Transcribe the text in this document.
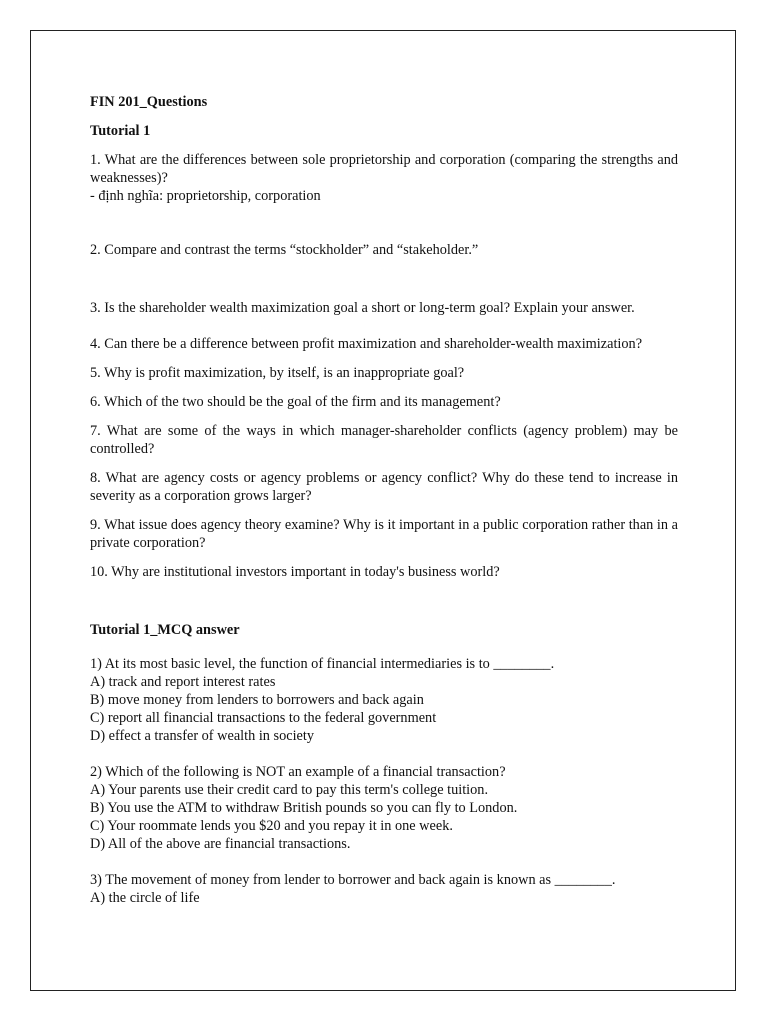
FIN 201_Questions

Tutorial 1

1. What are the differences between sole proprietorship and corporation (comparing the strengths and weaknesses)?

- định nghĩa: proprietorship, corporation

2. Compare and contrast the terms “stockholder” and “stakeholder.”

3. Is the shareholder wealth maximization goal a short or long-term goal? Explain your answer.

4. Can there be a difference between profit maximization and shareholder-wealth maximization?

5. Why is profit maximization, by itself, is an inappropriate goal?

6. Which of the two should be the goal of the firm and its management?

7. What are some of the ways in which manager-shareholder conflicts (agency problem) may be controlled?

8. What are agency costs or agency problems or agency conflict? Why do these tend to increase in severity as a corporation grows larger?

9. What issue does agency theory examine? Why is it important in a public corporation rather than in a private corporation?

10. Why are institutional investors important in today's business world?

Tutorial 1_MCQ answer

1) At its most basic level, the function of financial intermediaries is to ________.

A) track and report interest rates

B) move money from lenders to borrowers and back again

C) report all financial transactions to the federal government

D) effect a transfer of wealth in society

2) Which of the following is NOT an example of a financial transaction?

A) Your parents use their credit card to pay this term's college tuition.

B) You use the ATM to withdraw British pounds so you can fly to London.

C) Your roommate lends you $20 and you repay it in one week.

D) All of the above are financial transactions.

3) The movement of money from lender to borrower and back again is known as ________.

A) the circle of life
